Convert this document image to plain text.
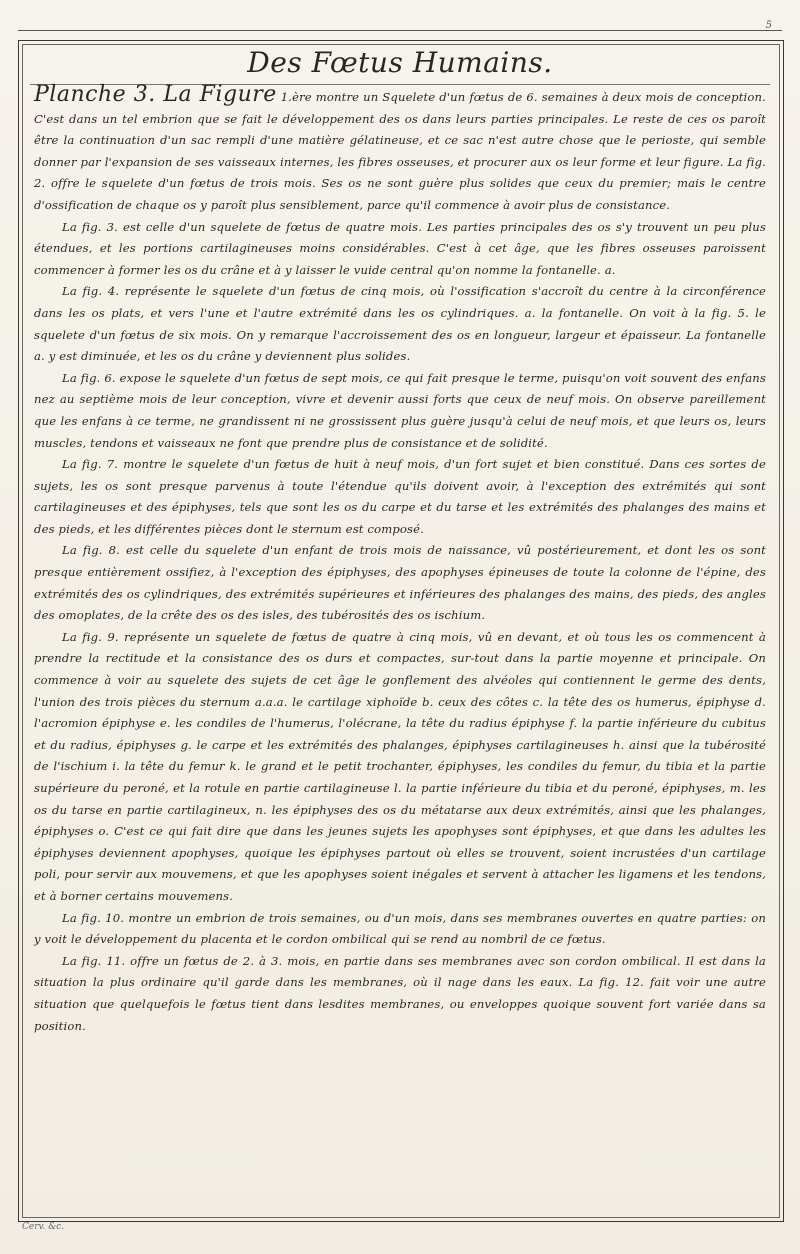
5
Des Fœtus Humains.

Planche 3. La Figure 1.ère montre un Squelete d'un fœtus de 6. semaines à deux mois de conception. C'est dans un tel embrion que se fait le développement des os dans leurs parties principales. Le reste de ces os paroît être la continuation d'un sac rempli d'une matière gélatineuse, et ce sac n'est autre chose que le perioste, qui semble donner par l'expansion de ses vaisseaux internes, les fibres osseuses, et procurer aux os leur forme et leur figure. La fig. 2. offre le squelete d'un fœtus de trois mois. Ses os ne sont guère plus solides que ceux du premier; mais le centre d'ossification de chaque os y paroît plus sensiblement, parce qu'il commence à avoir plus de consistance.

La fig. 3. est celle d'un squelete de fœtus de quatre mois. Les parties principales des os s'y trouvent un peu plus étendues, et les portions cartilagineuses moins considérables. C'est à cet âge, que les fibres osseuses paroissent commencer à former les os du crâne et à y laisser le vuide central qu'on nomme la fontanelle. a.

La fig. 4. représente le squelete d'un fœtus de cinq mois, où l'ossification s'accroît du centre à la circonférence dans les os plats, et vers l'une et l'autre extrémité dans les os cylindriques. a. la fontanelle. On voit à la fig. 5. le squelete d'un fœtus de six mois. On y remarque l'accroissement des os en longueur, largeur et épaisseur. La fontanelle a. y est diminuée, et les os du crâne y deviennent plus solides.

La fig. 6. expose le squelete d'un fœtus de sept mois, ce qui fait presque le terme, puisqu'on voit souvent des enfans nez au septième mois de leur conception, vivre et devenir aussi forts que ceux de neuf mois. On observe pareillement que les enfans à ce terme, ne grandissent ni ne grossissent plus guère jusqu'à celui de neuf mois, et que leurs os, leurs muscles, tendons et vaisseaux ne font que prendre plus de consistance et de solidité.

La fig. 7. montre le squelete d'un fœtus de huit à neuf mois, d'un fort sujet et bien constitué. Dans ces sortes de sujets, les os sont presque parvenus à toute l'étendue qu'ils doivent avoir, à l'exception des extrémités qui sont cartilagineuses et des épiphyses, tels que sont les os du carpe et du tarse et les extrémités des phalanges des mains et des pieds, et les différentes pièces dont le sternum est composé.

La fig. 8. est celle du squelete d'un enfant de trois mois de naissance, vû postérieurement, et dont les os sont presque entièrement ossifiez, à l'exception des épiphyses, des apophyses épineuses de toute la colonne de l'épine, des extrémités des os cylindriques, des extrémités supérieures et inférieures des phalanges des mains, des pieds, des angles des omoplates, de la crête des os des isles, des tubérosités des os ischium.

La fig. 9. représente un squelete de fœtus de quatre à cinq mois, vû en devant, et où tous les os commencent à prendre la rectitude et la consistance des os durs et compactes, sur-tout dans la partie moyenne et principale. On commence à voir au squelete des sujets de cet âge le gonflement des alvéoles qui contiennent le germe des dents, l'union des trois pièces du sternum a.a.a. le cartilage xiphoïde b. ceux des côtes c. la tête des os humerus, épiphyse d. l'acromion épiphyse e. les condiles de l'humerus, l'olécrane, la tête du radius épiphyse f. la partie inférieure du cubitus et du radius, épiphyses g. le carpe et les extrémités des phalanges, épiphyses cartilagineuses h. ainsi que la tubérosité de l'ischium i. la tête du femur k. le grand et le petit trochanter, épiphyses, les condiles du femur, du tibia et la partie supérieure du peroné, et la rotule en partie cartilagineuse l. la partie inférieure du tibia et du peroné, épiphyses, m. les os du tarse en partie cartilagineux, n. les épiphyses des os du métatarse aux deux extrémités, ainsi que les phalanges, épiphyses o. C'est ce qui fait dire que dans les jeunes sujets les apophyses sont épiphyses, et que dans les adultes les épiphyses deviennent apophyses, quoique les épiphyses partout où elles se trouvent, soient incrustées d'un cartilage poli, pour servir aux mouvemens, et que les apophyses soient inégales et servent à attacher les ligamens et les tendons, et à borner certains mouvemens.

La fig. 10. montre un embrion de trois semaines, ou d'un mois, dans ses membranes ouvertes en quatre parties: on y voit le développement du placenta et le cordon ombilical qui se rend au nombril de ce fœtus.

La fig. 11. offre un fœtus de 2. à 3. mois, en partie dans ses membranes avec son cordon ombilical. Il est dans la situation la plus ordinaire qu'il garde dans les membranes, où il nage dans les eaux. La fig. 12. fait voir une autre situation que quelquefois le fœtus tient dans lesdites membranes, ou enveloppes quoique souvent fort variée dans sa position.

Cerv. &c.
